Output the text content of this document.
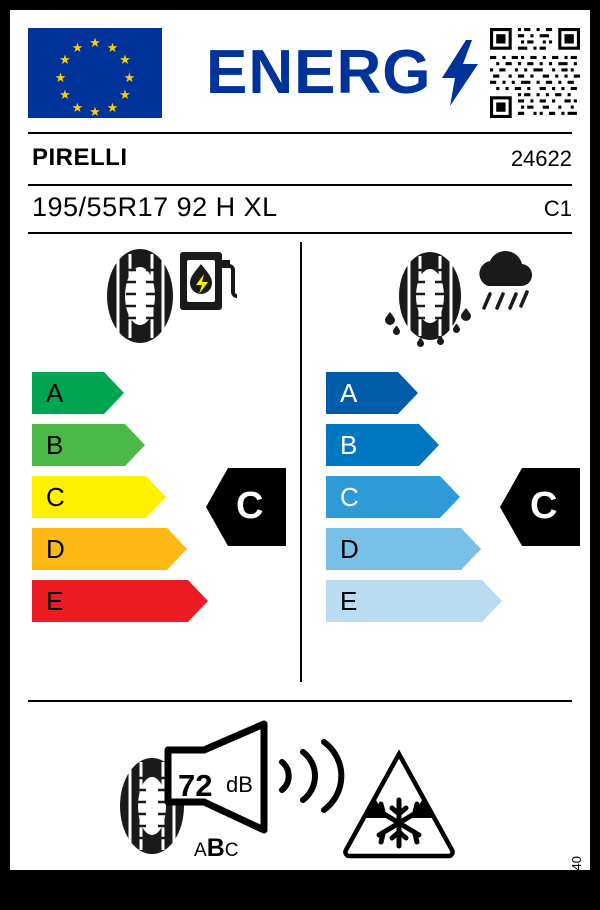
★ ★
★
★
★
★
★
★
★
★
★
★ ENERG
PIRELLI	24622
195/55R17 92 H XL	C1
A
B
C
D
E
C
A
B
C
D
E
C
72 dB
ABC
2020/740
